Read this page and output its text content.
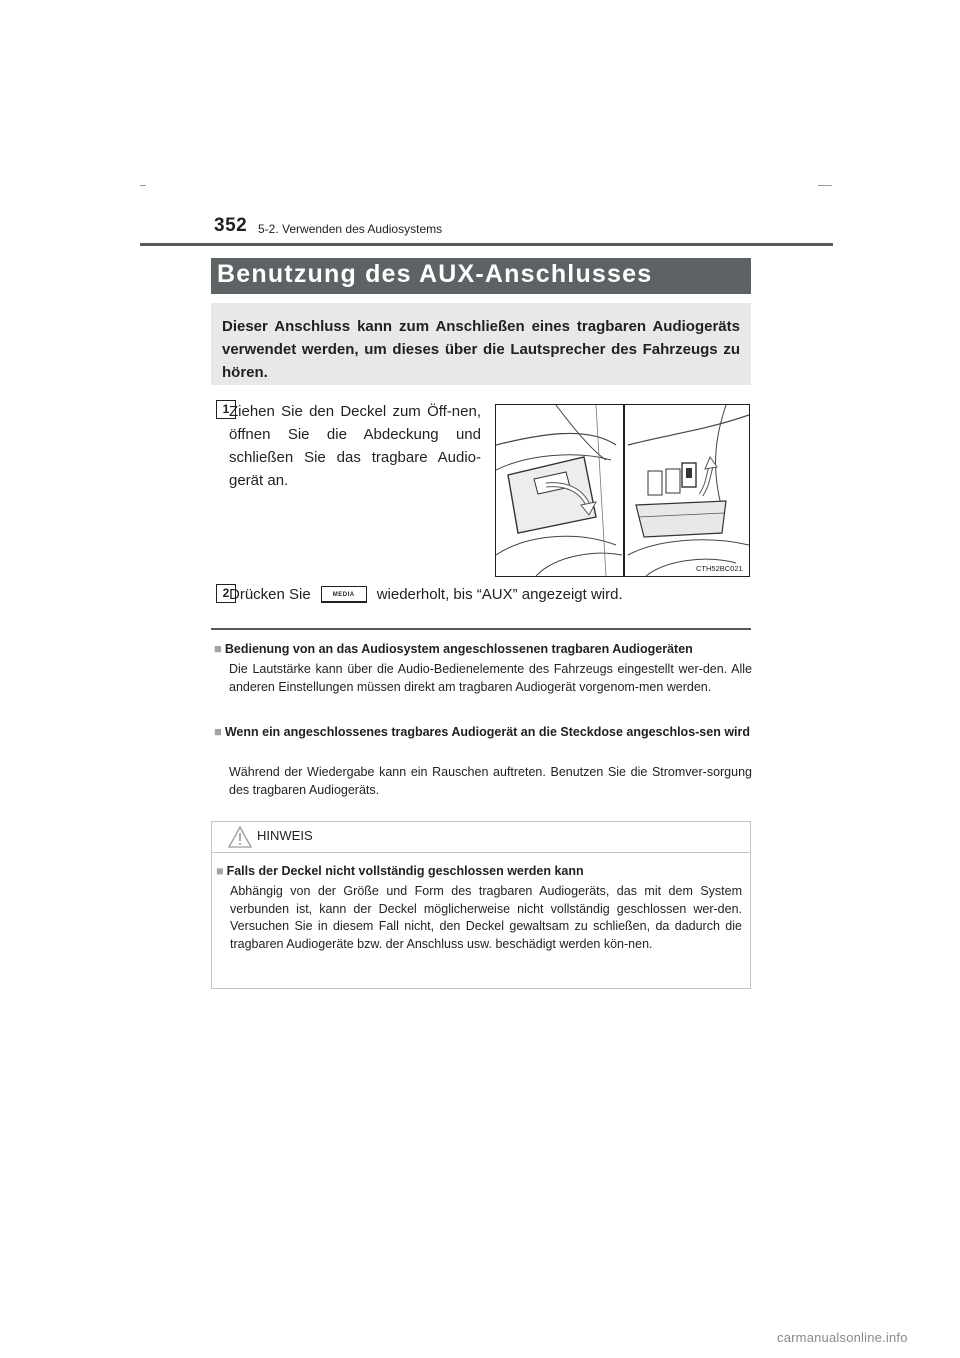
352 5-2. Verwenden des Audiosystems
Benutzung des AUX-Anschlusses
Dieser Anschluss kann zum Anschließen eines tragbaren Audiogeräts verwendet werden, um dieses über die Lautsprecher des Fahrzeugs zu hören.
1 Ziehen Sie den Deckel zum Öff-nen, öffnen Sie die Abdeckung und schließen Sie das tragbare Audio-gerät an.
CTH52BC021
2 Drücken Sie	MEDIA	wiederholt, bis “AUX” angezeigt wird.
■ Bedienung von an das Audiosystem angeschlossenen tragbaren Audiogeräten
Die Lautstärke kann über die Audio-Bedienelemente des Fahrzeugs eingestellt wer-den. Alle anderen Einstellungen müssen direkt am tragbaren Audiogerät vorgenom-men werden.
■ Wenn ein angeschlossenes tragbares Audiogerät an die Steckdose angeschlos-sen wird
Während der Wiedergabe kann ein Rauschen auftreten. Benutzen Sie die Stromver-sorgung des tragbaren Audiogeräts.
HINWEIS
■ Falls der Deckel nicht vollständig geschlossen werden kann
Abhängig von der Größe und Form des tragbaren Audiogeräts, das mit dem System verbunden ist, kann der Deckel möglicherweise nicht vollständig geschlossen wer-den. Versuchen Sie in diesem Fall nicht, den Deckel gewaltsam zu schließen, da dadurch die tragbaren Audiogeräte bzw. der Anschluss usw. beschädigt werden kön-nen.
carmanualsonline.info
